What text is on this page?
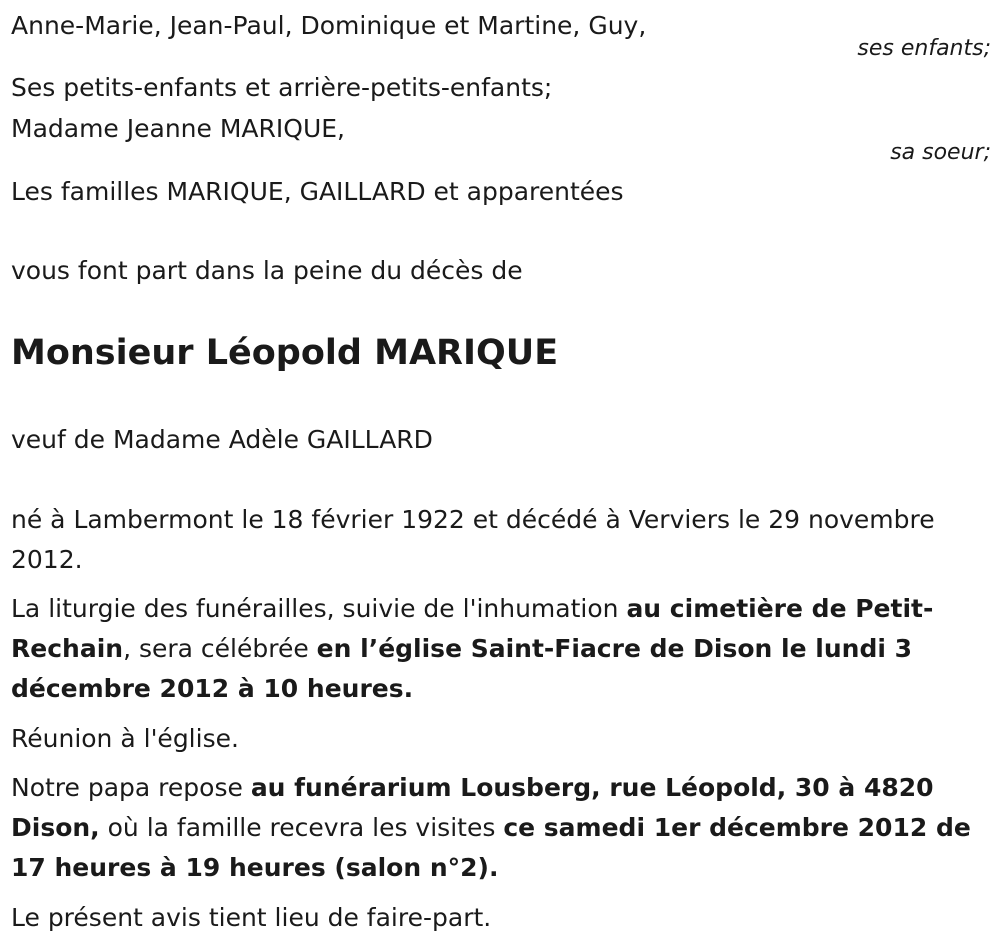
Anne-Marie, Jean-Paul, Dominique et Martine, Guy,
ses enfants;
Ses petits-enfants et arrière-petits-enfants;
Madame Jeanne MARIQUE,
sa soeur;
Les familles MARIQUE, GAILLARD et apparentées
vous font part dans la peine du décès de
Monsieur Léopold MARIQUE
veuf de Madame Adèle GAILLARD
né à Lambermont le 18 février 1922 et décédé à Verviers le 29 novembre 2012.
La liturgie des funérailles, suivie de l'inhumation au cimetière de Petit-Rechain, sera célébrée en l’église Saint-Fiacre de Dison le lundi 3 décembre 2012 à 10 heures.
Réunion à l'église.
Notre papa repose au funérarium Lousberg, rue Léopold, 30 à 4820 Dison, où la famille recevra les visites ce samedi 1er décembre 2012 de 17 heures à 19 heures (salon n°2).
Le présent avis tient lieu de faire-part.
